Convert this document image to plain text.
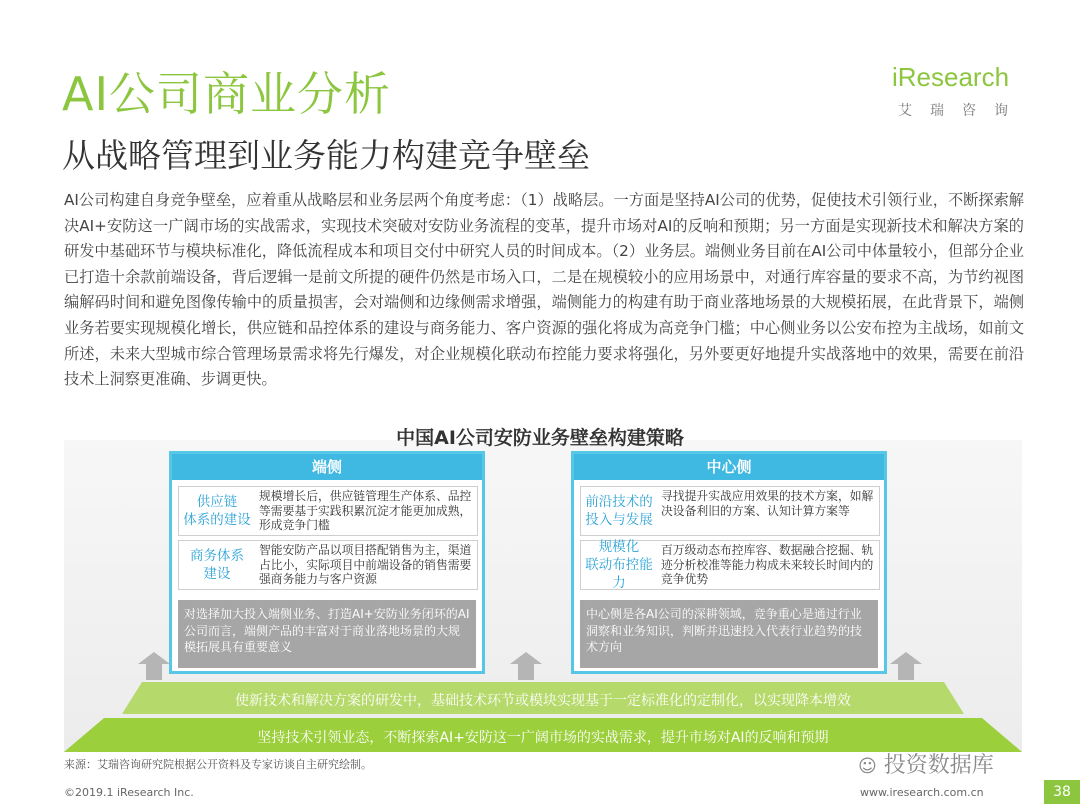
AI公司商业分析
从战略管理到业务能力构建竞争壁垒
iResearch
艾瑞咨询
AI公司构建自身竞争壁垒，应着重从战略层和业务层两个角度考虑：（1）战略层。一方面是坚持AI公司的优势，促使技术引领行业，不断探索解决AI+安防这一广阔市场的实战需求，实现技术突破对安防业务流程的变革，提升市场对AI的反响和预期；另一方面是实现新技术和解决方案的研发中基础环节与模块标准化，降低流程成本和项目交付中研究人员的时间成本。（2）业务层。端侧业务目前在AI公司中体量较小，但部分企业已打造十余款前端设备，背后逻辑一是前文所提的硬件仍然是市场入口，二是在规模较小的应用场景中，对通行库容量的要求不高，为节约视图编解码时间和避免图像传输中的质量损害，会对端侧和边缘侧需求增强，端侧能力的构建有助于商业落地场景的大规模拓展，在此背景下，端侧业务若要实现规模化增长，供应链和品控体系的建设与商务能力、客户资源的强化将成为高竞争门槛；中心侧业务以公安布控为主战场，如前文所述，未来大型城市综合管理场景需求将先行爆发，对企业规模化联动布控能力要求将强化，另外要更好地提升实战落地中的效果，需要在前沿技术上洞察更准确、步调更快。
中国AI公司安防业务壁垒构建策略
端侧
供应链
体系的建设
规模增长后，供应链管理生产体系、品控等需要基于实践积累沉淀才能更加成熟，形成竞争门槛
商务体系
建设
智能安防产品以项目搭配销售为主，渠道占比小，实际项目中前端设备的销售需要强商务能力与客户资源
对选择加大投入端侧业务、打造AI+安防业务闭环的AI公司而言，端侧产品的丰富对于商业落地场景的大规模拓展具有重要意义
中心侧
前沿技术的
投入与发展
寻找提升实战应用效果的技术方案，如解决设备利旧的方案、认知计算方案等
规模化
联动布控能力
百万级动态布控库容、数据融合挖掘、轨迹分析校准等能力构成未来较长时间内的竞争优势
中心侧是各AI公司的深耕领域，竞争重心是通过行业洞察和业务知识，判断并迅速投入代表行业趋势的技术方向
使新技术和解决方案的研发中，基础技术环节或模块实现基于一定标准化的定制化，以实现降本增效
坚持技术引领业态，不断探索AI+安防这一广阔市场的实战需求，提升市场对AI的反响和预期
来源：艾瑞咨询研究院根据公开资料及专家访谈自主研究绘制。	☺ 投资数据库
©2019.1 iResearch Inc.	www.iresearch.com.cn	38
